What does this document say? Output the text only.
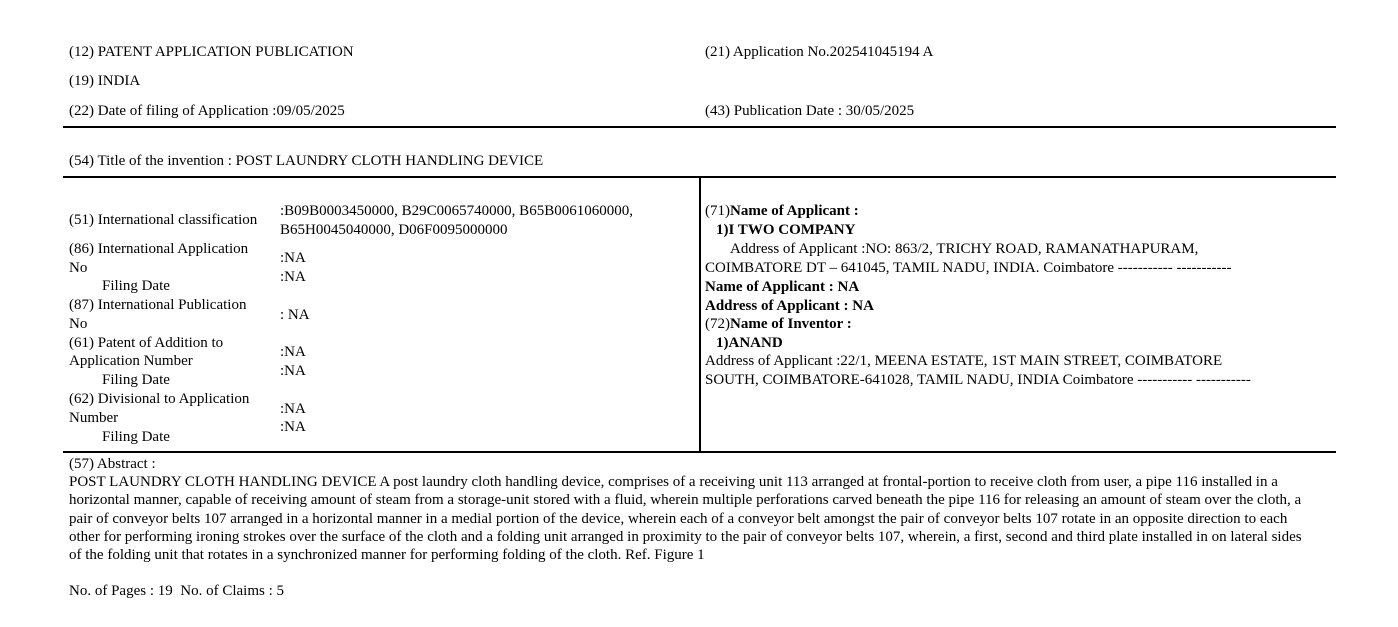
(12) PATENT APPLICATION PUBLICATION
(19) INDIA
(22) Date of filing of Application :09/05/2025
(21) Application No.202541045194 A
(43) Publication Date : 30/05/2025
(54) Title of the invention : POST LAUNDRY CLOTH HANDLING DEVICE
(51) International classification
:B09B0003450000, B29C0065740000, B65B0061060000,
B65H0045040000, D06F0095000000
(86) International Application
No
:NA
Filing Date
:NA
(87) International Publication
No
: NA
(61) Patent of Addition to
Application Number
:NA
Filing Date
:NA
(62) Divisional to Application
Number
:NA
Filing Date
:NA
(71)Name of Applicant :
1)I TWO COMPANY
Address of Applicant :NO: 863/2, TRICHY ROAD, RAMANATHAPURAM,
COIMBATORE DT – 641045, TAMIL NADU, INDIA. Coimbatore ----------- -----------
Name of Applicant : NA
Address of Applicant : NA
(72)Name of Inventor :
1)ANAND
Address of Applicant :22/1, MEENA ESTATE, 1ST MAIN STREET, COIMBATORE
SOUTH, COIMBATORE-641028, TAMIL NADU, INDIA Coimbatore ----------- -----------
(57) Abstract :
POST LAUNDRY CLOTH HANDLING DEVICE A post laundry cloth handling device, comprises of a receiving unit 113 arranged at frontal-portion to receive cloth from user, a pipe 116 installed in a horizontal manner, capable of receiving amount of steam from a storage-unit stored with a fluid, wherein multiple perforations carved beneath the pipe 116 for releasing an amount of steam over the cloth, a pair of conveyor belts 107 arranged in a horizontal manner in a medial portion of the device, wherein each of a conveyor belt amongst the pair of conveyor belts 107 rotate in an opposite direction to each other for performing ironing strokes over the surface of the cloth and a folding unit arranged in proximity to the pair of conveyor belts 107, wherein, a first, second and third plate installed in on lateral sides of the folding unit that rotates in a synchronized manner for performing folding of the cloth. Ref. Figure 1
No. of Pages : 19  No. of Claims : 5
